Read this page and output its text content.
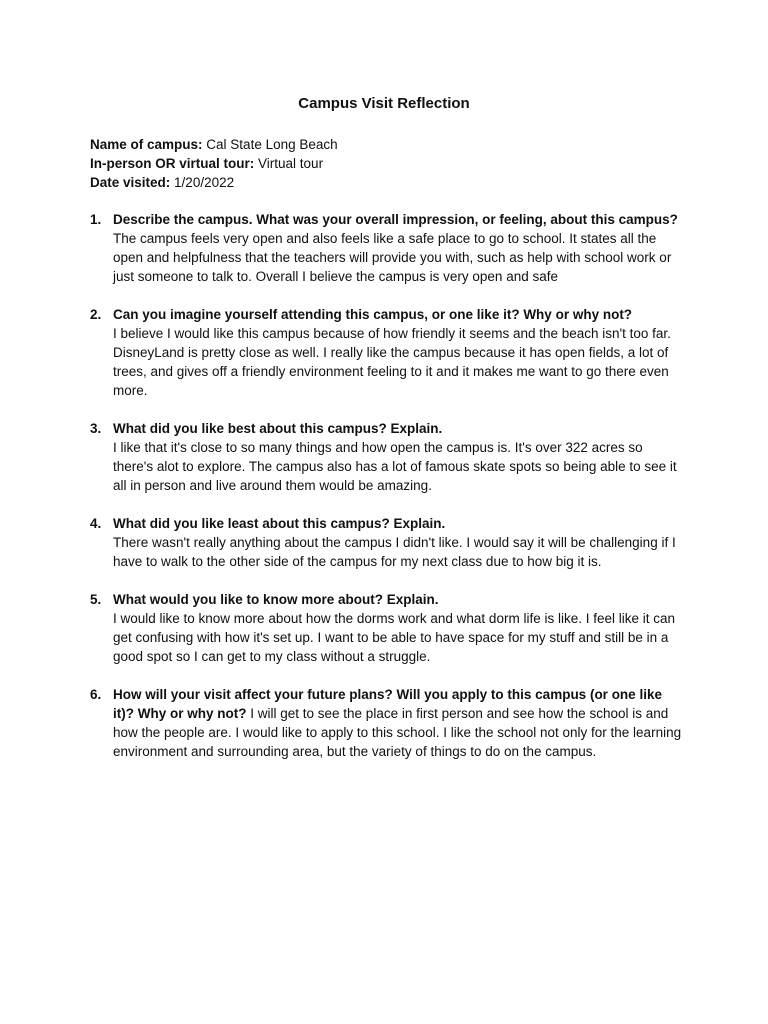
Campus Visit Reflection
Name of campus: Cal State Long Beach
In-person OR virtual tour: Virtual tour
Date visited: 1/20/2022
1. Describe the campus. What was your overall impression, or feeling, about this campus?
The campus feels very open and also feels like a safe place to go to school. It states all the open and helpfulness that the teachers will provide you with, such as help with school work or just someone to talk to. Overall I believe the campus is very open and safe
2. Can you imagine yourself attending this campus, or one like it? Why or why not?
I believe I would like this campus because of how friendly it seems and the beach isn't too far. DisneyLand is pretty close as well. I really like the campus because it has open fields, a lot of trees, and gives off a friendly environment feeling to it and it makes me want to go there even more.
3. What did you like best about this campus? Explain.
I like that it's close to so many things and how open the campus is. It's over 322 acres so there's alot to explore. The campus also has a lot of famous skate spots so being able to see it all in person and live around them would be amazing.
4. What did you like least about this campus? Explain.
There wasn't really anything about the campus I didn't like. I would say it will be challenging if I have to walk to the other side of the campus for my next class due to how big it is.
5. What would you like to know more about? Explain.
I would like to know more about how the dorms work and what dorm life is like. I feel like it can get confusing with how it's set up. I want to be able to have space for my stuff and still be in a good spot so I can get to my class without a struggle.
6. How will your visit affect your future plans? Will you apply to this campus (or one like it)? Why or why not? I will get to see the place in first person and see how the school is and how the people are. I would like to apply to this school. I like the school not only for the learning environment and surrounding area, but the variety of things to do on the campus.
